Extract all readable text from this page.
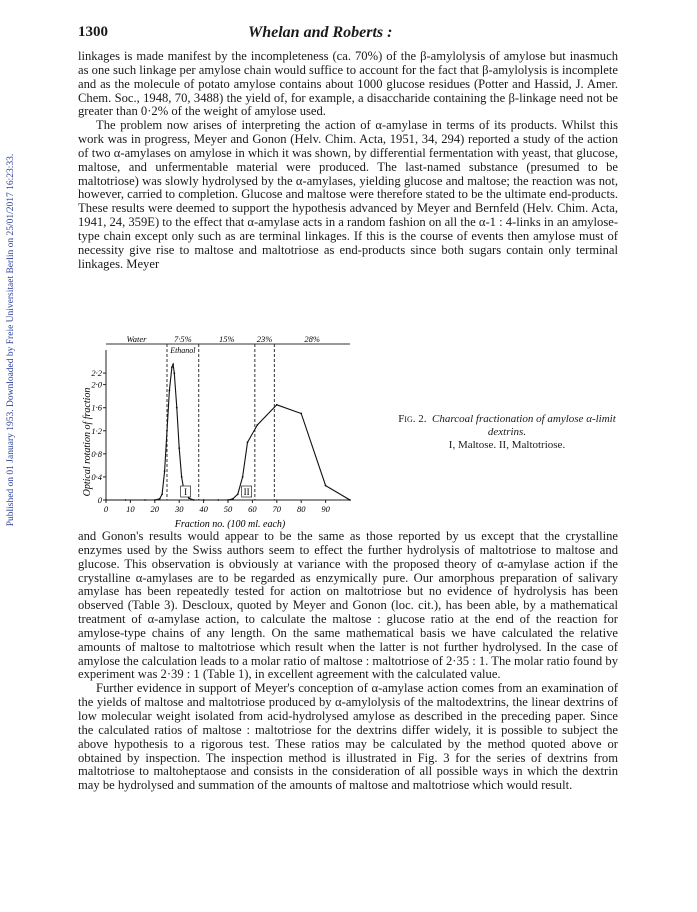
1300	Whelan and Roberts :
Published on 01 January 1953. Downloaded by Freie Universitaet Berlin on 25/01/2017 16:23:33.

linkages is made manifest by the incompleteness (ca. 70%) of the β-amylolysis of amylose but inasmuch as one such linkage per amylose chain would suffice to account for the fact that β-amylolysis is incomplete and as the molecule of potato amylose contains about 1000 glucose residues (Potter and Hassid, J. Amer. Chem. Soc., 1948, 70, 3488) the yield of, for example, a disaccharide containing the β-linkage need not be greater than 0·2% of the weight of amylose used.

The problem now arises of interpreting the action of α-amylase in terms of its products. Whilst this work was in progress, Meyer and Gonon (Helv. Chim. Acta, 1951, 34, 294) reported a study of the action of two α-amylases on amylose in which it was shown, by differential fermentation with yeast, that glucose, maltose, and unfermentable material were produced. The last-named substance (presumed to be maltotriose) was slowly hydrolysed by the α-amylases, yielding glucose and maltose; the reaction was not, however, carried to completion. Glucose and maltose were therefore stated to be the ultimate end-products. These results were deemed to support the hypothesis advanced by Meyer and Bernfeld (Helv. Chim. Acta, 1941, 24, 359E) to the effect that α-amylase acts in a random fashion on all the α-1 : 4-links in an amylose-type chain except only such as are terminal linkages. If this is the course of events then amylose must of necessity give rise to maltose and maltotriose as end-products since both sugars contain only terminal linkages. Meyer

Water	7·5%	15%	23%	28%
Ethanol
0 10 20 30 40 50 60 70 80 90
0
0·4
0·8
1·2
1·6
2·0
2·2
I	II
Fraction no. (100 ml. each)
Optical rotation of fraction	Fig. 2. Charcoal fractionation of amylose α-limit dextrins.
I, Maltose. II, Maltotriose.

and Gonon's results would appear to be the same as those reported by us except that the crystalline enzymes used by the Swiss authors seem to effect the further hydrolysis of maltotriose to maltose and glucose. This observation is obviously at variance with the proposed theory of α-amylase action if the crystalline α-amylases are to be regarded as enzymically pure. Our amorphous preparation of salivary amylase has been repeatedly tested for action on maltotriose but no evidence of hydrolysis has been observed (Table 3). Descloux, quoted by Meyer and Gonon (loc. cit.), has been able, by a mathematical treatment of α-amylase action, to calculate the maltose : glucose ratio at the end of the reaction for amylose-type chains of any length. On the same mathematical basis we have calculated the relative amounts of maltose to maltotriose which result when the latter is not further hydrolysed. In the case of amylose the calculation leads to a molar ratio of maltose : maltotriose of 2·35 : 1. The molar ratio found by experiment was 2·39 : 1 (Table 1), in excellent agreement with the calculated value.

Further evidence in support of Meyer's conception of α-amylase action comes from an examination of the yields of maltose and maltotriose produced by α-amylolysis of the maltodextrins, the linear dextrins of low molecular weight isolated from acid-hydrolysed amylose as described in the preceding paper. Since the calculated ratios of maltose : maltotriose for the dextrins differ widely, it is possible to subject the above hypothesis to a rigorous test. These ratios may be calculated by the method quoted above or obtained by inspection. The inspection method is illustrated in Fig. 3 for the series of dextrins from maltotriose to maltoheptaose and consists in the consideration of all possible ways in which the dextrin may be hydrolysed and summation of the amounts of maltose and maltotriose which would result.
